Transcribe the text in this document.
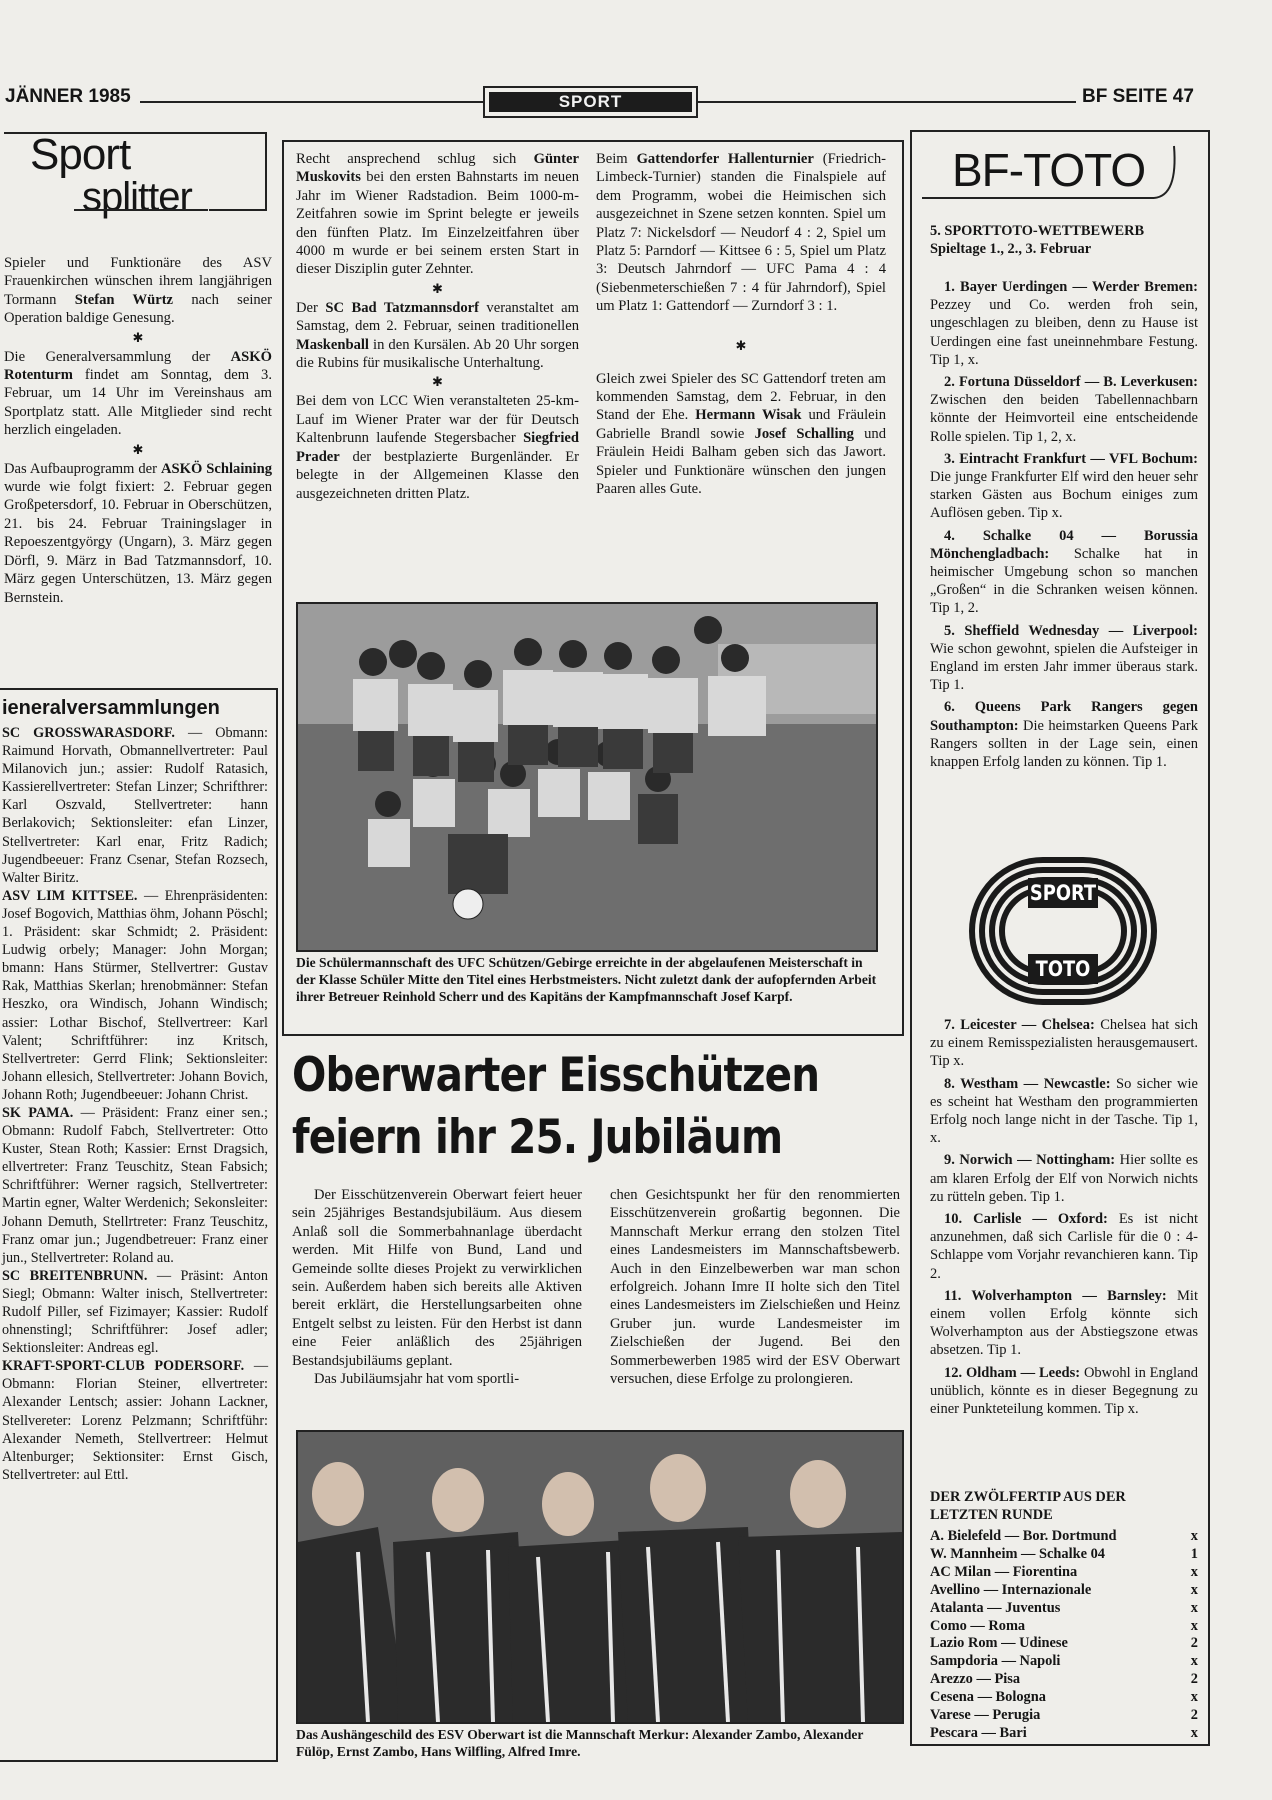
JÄNNER 1985	SPORT	BF SEITE 47
Sport
splitter

Spieler und Funktionäre des ASV Frauenkirchen wünschen ihrem langjährigen Tormann Stefan Würtz nach seiner Operation baldige Genesung.

✱

Die Generalversammlung der ASKÖ Rotenturm findet am Sonntag, dem 3. Februar, um 14 Uhr im Vereinshaus am Sportplatz statt. Alle Mitglieder sind recht herzlich eingeladen.

✱

Das Aufbauprogramm der ASKÖ Schlaining wurde wie folgt fixiert: 2. Februar gegen Großpetersdorf, 10. Februar in Oberschützen, 21. bis 24. Februar Trainingslager in Repoeszentgyörgy (Ungarn), 3. März gegen Dörfl, 9. März in Bad Tatzmannsdorf, 10. März gegen Unterschützen, 13. März gegen Bernstein.

ieneralversammlungen

SC GROSSWARASDORF. — Obmann: Raimund Horvath, Obmannellvertreter: Paul Milanovich jun.; assier: Rudolf Ratasich, Kassierellvertreter: Stefan Linzer; Schrifthrer: Karl Oszvald, Stellvertreter: hann Berlakovich; Sektionsleiter: efan Linzer, Stellvertreter: Karl enar, Fritz Radich; Jugendbeeuer: Franz Csenar, Stefan Rozsech, Walter Biritz.

ASV LIM KITTSEE. — Ehrenpräsidenten: Josef Bogovich, Matthias öhm, Johann Pöschl; 1. Präsident: skar Schmidt; 2. Präsident: Ludwig orbely; Manager: John Morgan; bmann: Hans Stürmer, Stellvertrer: Gustav Rak, Matthias Skerlan; hrenobmänner: Stefan Heszko, ora Windisch, Johann Windisch; assier: Lothar Bischof, Stellvertreer: Karl Valent; Schriftführer: inz Kritsch, Stellvertreter: Gerrd Flink; Sektionsleiter: Johann ellesich, Stellvertreter: Johann Bovich, Johann Roth; Jugendbeeuer: Johann Christ.

SK PAMA. — Präsident: Franz einer sen.; Obmann: Rudolf Fabch, Stellvertreter: Otto Kuster, Stean Roth; Kassier: Ernst Dragsich, ellvertreter: Franz Teuschitz, Stean Fabsich; Schriftführer: Werner ragsich, Stellvertreter: Martin egner, Walter Werdenich; Sekonsleiter: Johann Demuth, Stellrtreter: Franz Teuschitz, Franz omar jun.; Jugendbetreuer: Franz einer jun., Stellvertreter: Roland au.

SC BREITENBRUNN. — Präsint: Anton Siegl; Obmann: Walter inisch, Stellvertreter: Rudolf Piller, sef Fizimayer; Kassier: Rudolf ohnenstingl; Schriftführer: Josef adler; Sektionsleiter: Andreas egl.

KRAFT-SPORT-CLUB PODERSORF. — Obmann: Florian Steiner, ellvertreter: Alexander Lentsch; assier: Johann Lackner, Stellvereter: Lorenz Pelzmann; Schriftführ: Alexander Nemeth, Stellvertreer: Helmut Altenburger; Sektionsiter: Ernst Gisch, Stellvertreter: aul Ettl.

Recht ansprechend schlug sich Günter Muskovits bei den ersten Bahnstarts im neuen Jahr im Wiener Radstadion. Beim 1000-m-Zeitfahren sowie im Sprint belegte er jeweils den fünften Platz. Im Einzelzeitfahren über 4000 m wurde er bei seinem ersten Start in dieser Disziplin guter Zehnter.

✱

Der SC Bad Tatzmannsdorf veranstaltet am Samstag, dem 2. Februar, seinen traditionellen Maskenball in den Kursälen. Ab 20 Uhr sorgen die Rubins für musikalische Unterhaltung.

✱

Bei dem von LCC Wien veranstalteten 25-km-Lauf im Wiener Prater war der für Deutsch Kaltenbrunn laufende Stegersbacher Siegfried Prader der bestplazierte Burgenländer. Er belegte in der Allgemeinen Klasse den ausgezeichneten dritten Platz.

Beim Gattendorfer Hallenturnier (Friedrich-Limbeck-Turnier) standen die Finalspiele auf dem Programm, wobei die Heimischen sich ausgezeichnet in Szene setzen konnten. Spiel um Platz 7: Nickelsdorf — Neudorf 4 : 2, Spiel um Platz 5: Parndorf — Kittsee 6 : 5, Spiel um Platz 3: Deutsch Jahrndorf — UFC Pama 4 : 4 (Siebenmeterschießen 7 : 4 für Jahrndorf), Spiel um Platz 1: Gattendorf — Zurndorf 3 : 1.

✱

Gleich zwei Spieler des SC Gattendorf treten am kommenden Samstag, dem 2. Februar, in den Stand der Ehe. Hermann Wisak und Fräulein Gabrielle Brandl sowie Josef Schalling und Fräulein Heidi Balham geben sich das Jawort. Spieler und Funktionäre wünschen den jungen Paaren alles Gute.

Die Schülermannschaft des UFC Schützen/Gebirge erreichte in der abgelaufenen Meisterschaft in der Klasse Schüler Mitte den Titel eines Herbstmeisters. Nicht zuletzt dank der aufopfernden Arbeit ihrer Betreuer Reinhold Scherr und des Kapitäns der Kampfmannschaft Josef Karpf.
Oberwarter Eisschützen
feiern ihr 25. Jubiläum

Der Eisschützenverein Oberwart feiert heuer sein 25jähriges Bestandsjubiläum. Aus diesem Anlaß soll die Sommerbahnanlage überdacht werden. Mit Hilfe von Bund, Land und Gemeinde sollte dieses Projekt zu verwirklichen sein. Außerdem haben sich bereits alle Aktiven bereit erklärt, die Herstellungsarbeiten ohne Entgelt selbst zu leisten. Für den Herbst ist dann eine Feier anläßlich des 25jährigen Bestandsjubiläums geplant.

Das Jubiläumsjahr hat vom sportli-

chen Gesichtspunkt her für den renommierten Eisschützenverein großartig begonnen. Die Mannschaft Merkur errang den stolzen Titel eines Landesmeisters im Mannschaftsbewerb. Auch in den Einzelbewerben war man schon erfolgreich. Johann Imre II holte sich den Titel eines Landesmeisters im Zielschießen und Heinz Gruber jun. wurde Landesmeister im Zielschießen der Jugend. Bei den Sommerbewerben 1985 wird der ESV Oberwart versuchen, diese Erfolge zu prolongieren.

Das Aushängeschild des ESV Oberwart ist die Mannschaft Merkur: Alexander Zambo, Alexander Fülöp, Ernst Zambo, Hans Wilfling, Alfred Imre.
BF-TOTO
5. SPORTTOTO-WETTBEWERB
Spieltage 1., 2., 3. Februar

1. Bayer Uerdingen — Werder Bremen: Pezzey und Co. werden froh sein, ungeschlagen zu bleiben, denn zu Hause ist Uerdingen eine fast uneinnehmbare Festung. Tip 1, x.

2. Fortuna Düsseldorf — B. Leverkusen: Zwischen den beiden Tabellennachbarn könnte der Heimvorteil eine entscheidende Rolle spielen. Tip 1, 2, x.

3. Eintracht Frankfurt — VFL Bochum: Die junge Frankfurter Elf wird den heuer sehr starken Gästen aus Bochum einiges zum Auflösen geben. Tip x.

4. Schalke 04 — Borussia Mönchengladbach: Schalke hat in heimischer Umgebung schon so manchen „Großen“ in die Schranken weisen können. Tip 1, 2.

5. Sheffield Wednesday — Liverpool: Wie schon gewohnt, spielen die Aufsteiger in England im ersten Jahr immer überaus stark. Tip 1.

6. Queens Park Rangers gegen Southampton: Die heimstarken Queens Park Rangers sollten in der Lage sein, einen knappen Erfolg landen zu können. Tip 1.

SPORT
TOTO

7. Leicester — Chelsea: Chelsea hat sich zu einem Remisspezialisten herausgemausert. Tip x.

8. Westham — Newcastle: So sicher wie es scheint hat Westham den programmierten Erfolg noch lange nicht in der Tasche. Tip 1, x.

9. Norwich — Nottingham: Hier sollte es am klaren Erfolg der Elf von Norwich nichts zu rütteln geben. Tip 1.

10. Carlisle — Oxford: Es ist nicht anzunehmen, daß sich Carlisle für die 0 : 4-Schlappe vom Vorjahr revanchieren kann. Tip 2.

11. Wolverhampton — Barnsley: Mit einem vollen Erfolg könnte sich Wolverhampton aus der Abstiegszone etwas absetzen. Tip 1.

12. Oldham — Leeds: Obwohl in England unüblich, könnte es in dieser Begegnung zu einer Punkteteilung kommen. Tip x.

DER ZWÖLFERTIP AUS DER LETZTEN RUNDE
A. Bielefeld — Bor. Dortmund	x
W. Mannheim — Schalke 04	1
AC Milan — Fiorentina	x
Avellino — Internazionale	x
Atalanta — Juventus	x
Como — Roma	x
Lazio Rom — Udinese	2
Sampdoria — Napoli	x
Arezzo — Pisa	2
Cesena — Bologna	x
Varese — Perugia	2
Pescara — Bari	x
